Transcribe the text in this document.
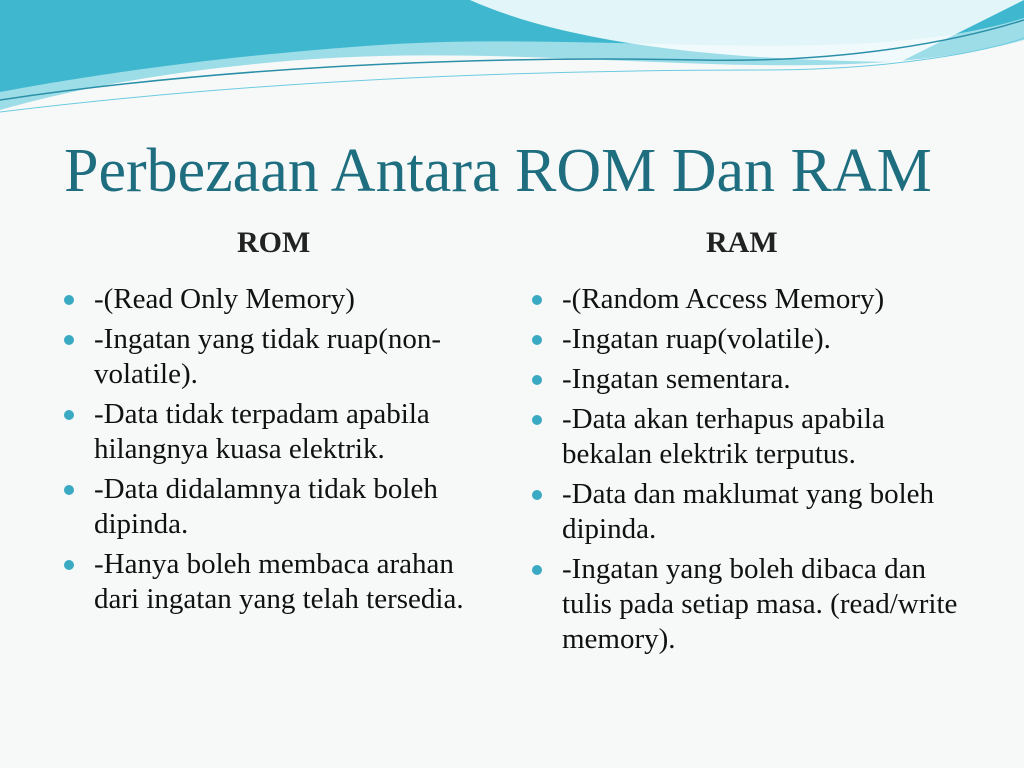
Perbezaan Antara ROM Dan RAM
ROM	RAM
-(Read Only Memory)
-Ingatan yang tidak ruap(non-volatile).
-Data tidak terpadam apabila hilangnya kuasa elektrik.
-Data didalamnya tidak boleh dipinda.
-Hanya boleh membaca arahan dari ingatan yang telah tersedia.
-(Random Access Memory)
-Ingatan ruap(volatile).
-Ingatan sementara.
-Data akan terhapus apabila bekalan elektrik terputus.
-Data dan maklumat yang boleh dipinda.
-Ingatan yang boleh dibaca dan tulis pada setiap masa. (read/write memory).
